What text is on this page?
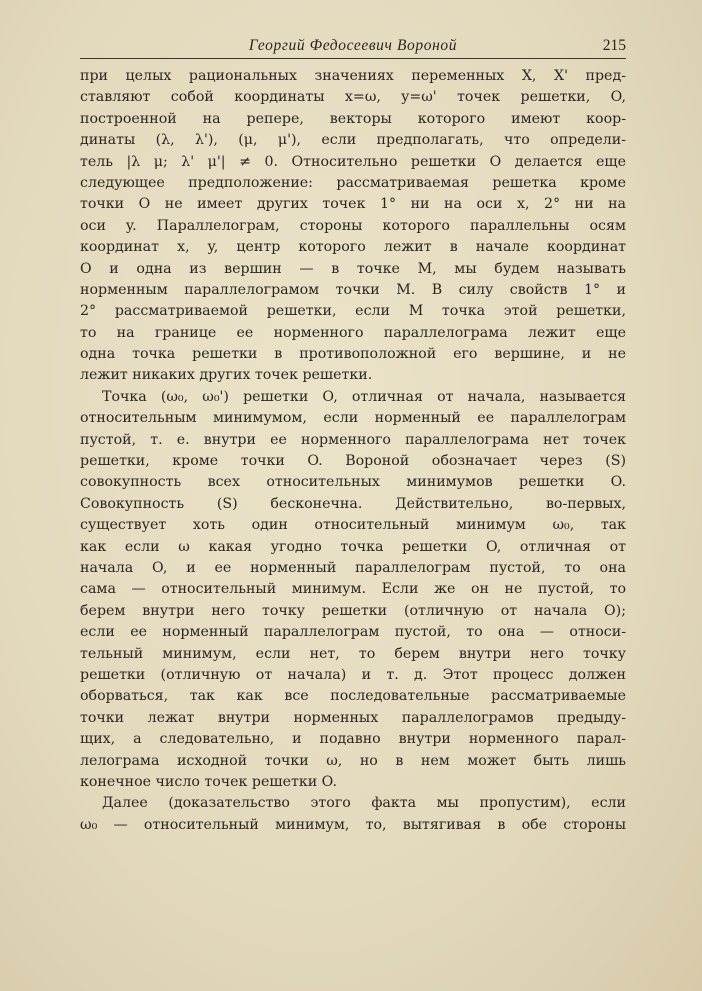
Георгий Федосеевич Вороной	215
при целых рациональных значениях переменных X, X' пред-
ставляют собой координаты x=ω, y=ω' точек решетки, O,
построенной на репере, векторы которого имеют коор-
динаты (λ, λ'), (μ, μ'), если предполагать, что определи-
тель |λ μ; λ' μ'| ≠ 0. Относительно решетки O делается еще
следующее предположение: рассматриваемая решетка кроме
точки O не имеет других точек 1° ни на оси x, 2° ни на
оси y. Параллелограм, стороны которого параллельны осям
координат x, y, центр которого лежит в начале координат
O и одна из вершин — в точке M, мы будем называть
норменным параллелограмом точки M. В силу свойств 1° и
2° рассматриваемой решетки, если M точка этой решетки,
то на границе ее норменного параллелограма лежит еще
одна точка решетки в противоположной его вершине, и не
лежит никаких других точек решетки.
Точка (ω₀, ω₀') решетки O, отличная от начала, называется
относительным минимумом, если норменный ее параллелограм
пустой, т. е. внутри ее норменного параллелограма нет точек
решетки, кроме точки O. Вороной обозначает через (S)
совокупность всех относительных минимумов решетки O.
Совокупность (S) бесконечна. Действительно, во-первых,
существует хоть один относительный минимум ω₀, так
как если ω какая угодно точка решетки O, отличная от
начала O, и ее норменный параллелограм пустой, то она
сама — относительный минимум. Если же он не пустой, то
берем внутри него точку решетки (отличную от начала O);
если ее норменный параллелограм пустой, то она — относи-
тельный минимум, если нет, то берем внутри него точку
решетки (отличную от начала) и т. д. Этот процесс должен
оборваться, так как все последовательные рассматриваемые
точки лежат внутри норменных параллелограмов предыду-
щих, а следовательно, и подавно внутри норменного парал-
лелограма исходной точки ω, но в нем может быть лишь
конечное число точек решетки O.
Далее (доказательство этого факта мы пропустим), если
ω₀ — относительный минимум, то, вытягивая в обе стороны
